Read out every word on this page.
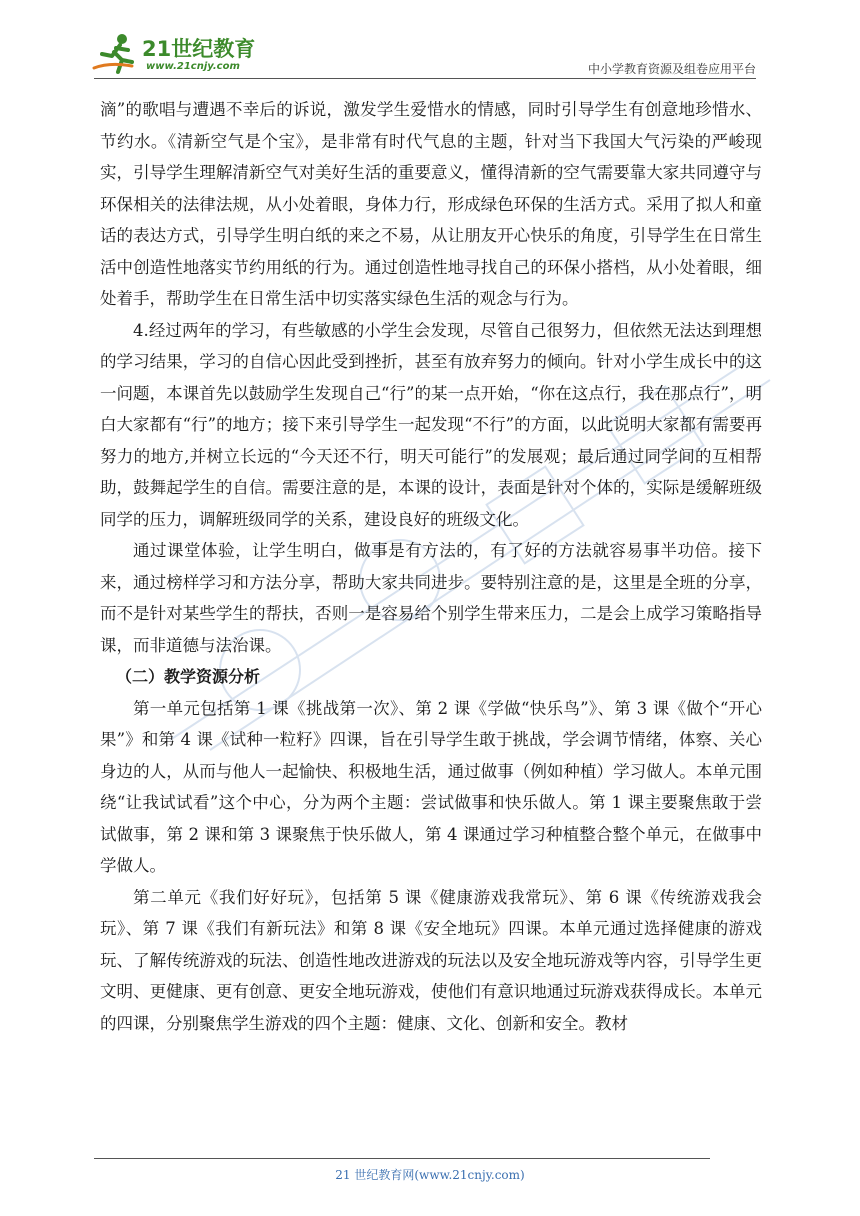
21世纪教育
www.21cnjy.com	中小学教育资源及组卷应用平台

滴”的歌唱与遭遇不幸后的诉说，激发学生爱惜水的情感，同时引导学生有创意地珍惜水、节约水。《清新空气是个宝》，是非常有时代气息的主题，针对当下我国大气污染的严峻现实，引导学生理解清新空气对美好生活的重要意义，懂得清新的空气需要靠大家共同遵守与环保相关的法律法规，从小处着眼，身体力行，形成绿色环保的生活方式。采用了拟人和童话的表达方式，引导学生明白纸的来之不易，从让朋友开心快乐的角度，引导学生在日常生活中创造性地落实节约用纸的行为。通过创造性地寻找自己的环保小搭档，从小处着眼，细处着手，帮助学生在日常生活中切实落实绿色生活的观念与行为。

4.经过两年的学习，有些敏感的小学生会发现，尽管自己很努力，但依然无法达到理想的学习结果，学习的自信心因此受到挫折，甚至有放弃努力的倾向。针对小学生成长中的这一问题，本课首先以鼓励学生发现自己“行”的某一点开始，“你在这点行，我在那点行”，明白大家都有“行”的地方；接下来引导学生一起发现“不行”的方面，以此说明大家都有需要再努力的地方,并树立长远的“今天还不行，明天可能行”的发展观；最后通过同学间的互相帮助，鼓舞起学生的自信。需要注意的是，本课的设计，表面是针对个体的，实际是缓解班级同学的压力，调解班级同学的关系，建设良好的班级文化。

通过课堂体验，让学生明白，做事是有方法的，有了好的方法就容易事半功倍。接下来，通过榜样学习和方法分享，帮助大家共同进步。要特别注意的是，这里是全班的分享，而不是针对某些学生的帮扶，否则一是容易给个别学生带来压力，二是会上成学习策略指导课，而非道德与法治课。

（二）教学资源分析

第一单元包括第 1 课《挑战第一次》、第 2 课《学做“快乐鸟”》、第 3 课《做个“开心果”》和第 4 课《试种一粒籽》四课，旨在引导学生敢于挑战，学会调节情绪，体察、关心身边的人，从而与他人一起愉快、积极地生活，通过做事（例如种植）学习做人。本单元围绕“让我试试看”这个中心，分为两个主题：尝试做事和快乐做人。第 1 课主要聚焦敢于尝试做事，第 2 课和第 3 课聚焦于快乐做人，第 4 课通过学习种植整合整个单元，在做事中学做人。

第二单元《我们好好玩》，包括第 5 课《健康游戏我常玩》、第 6 课《传统游戏我会玩》、第 7 课《我们有新玩法》和第 8 课《安全地玩》四课。本单元通过选择健康的游戏玩、了解传统游戏的玩法、创造性地改进游戏的玩法以及安全地玩游戏等内容，引导学生更文明、更健康、更有创意、更安全地玩游戏，使他们有意识地通过玩游戏获得成长。本单元的四课，分别聚焦学生游戏的四个主题：健康、文化、创新和安全。教材

21 世纪教育网(www.21cnjy.com)
